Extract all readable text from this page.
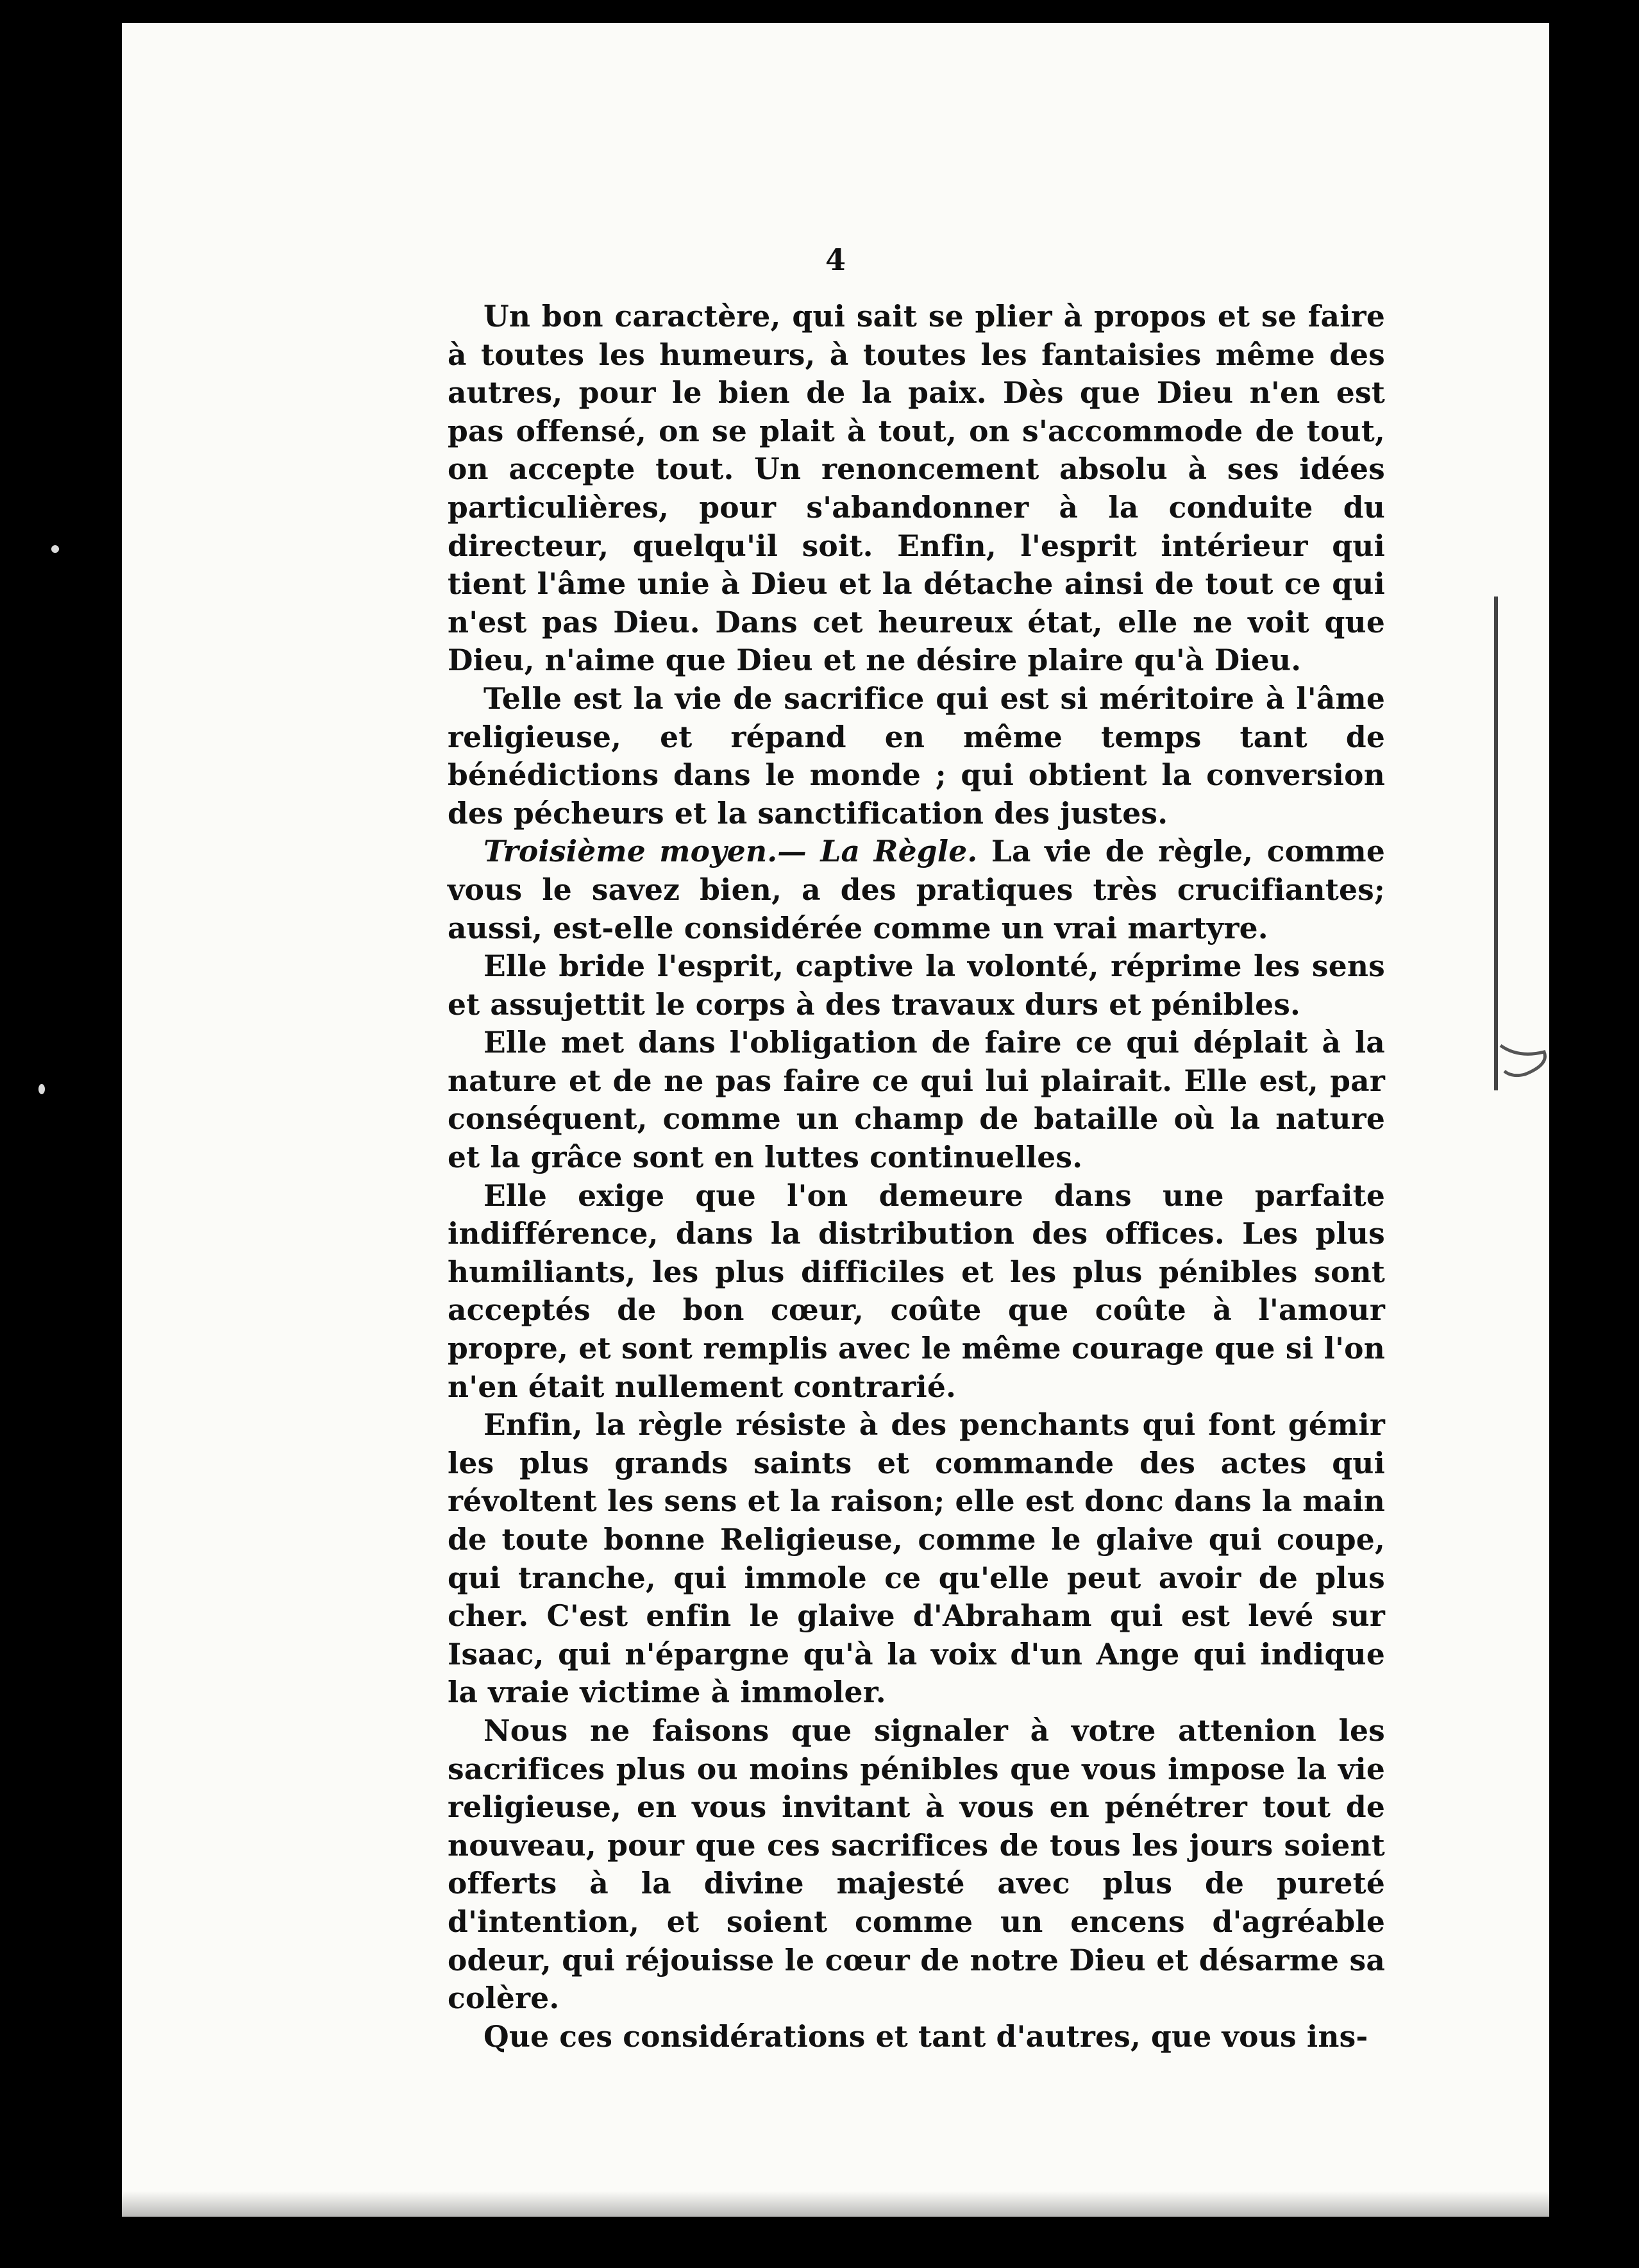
4

Un bon caractère, qui sait se plier à propos et se faire à toutes les humeurs, à toutes les fantaisies même des autres, pour le bien de la paix. Dès que Dieu n'en est pas offensé, on se plait à tout, on s'accommode de tout, on accepte tout. Un renoncement absolu à ses idées particulières, pour s'abandonner à la conduite du directeur, quelqu'il soit. Enfin, l'esprit intérieur qui tient l'âme unie à Dieu et la détache ainsi de tout ce qui n'est pas Dieu. Dans cet heureux état, elle ne voit que Dieu, n'aime que Dieu et ne désire plaire qu'à Dieu.

Telle est la vie de sacrifice qui est si méritoire à l'âme religieuse, et répand en même temps tant de bénédictions dans le monde ; qui obtient la conversion des pécheurs et la sanctification des justes.

Troisième moyen.— La Règle. La vie de règle, comme vous le savez bien, a des pratiques très crucifiantes; aussi, est-elle considérée comme un vrai martyre.

Elle bride l'esprit, captive la volonté, réprime les sens et assujettit le corps à des travaux durs et pénibles.

Elle met dans l'obligation de faire ce qui déplait à la nature et de ne pas faire ce qui lui plairait. Elle est, par conséquent, comme un champ de bataille où la nature et la grâce sont en luttes continuelles.

Elle exige que l'on demeure dans une parfaite indifférence, dans la distribution des offices. Les plus humiliants, les plus difficiles et les plus pénibles sont acceptés de bon cœur, coûte que coûte à l'amour propre, et sont remplis avec le même courage que si l'on n'en était nullement contrarié.

Enfin, la règle résiste à des penchants qui font gémir les plus grands saints et commande des actes qui révoltent les sens et la raison; elle est donc dans la main de toute bonne Religieuse, comme le glaive qui coupe, qui tranche, qui immole ce qu'elle peut avoir de plus cher. C'est enfin le glaive d'Abraham qui est levé sur Isaac, qui n'épargne qu'à la voix d'un Ange qui indique la vraie victime à immoler.

Nous ne faisons que signaler à votre attenion les sacrifices plus ou moins pénibles que vous impose la vie religieuse, en vous invitant à vous en pénétrer tout de nouveau, pour que ces sacrifices de tous les jours soient offerts à la divine majesté avec plus de pureté d'intention, et soient comme un encens d'agréable odeur, qui réjouisse le cœur de notre Dieu et désarme sa colère.

Que ces considérations et tant d'autres, que vous ins-
